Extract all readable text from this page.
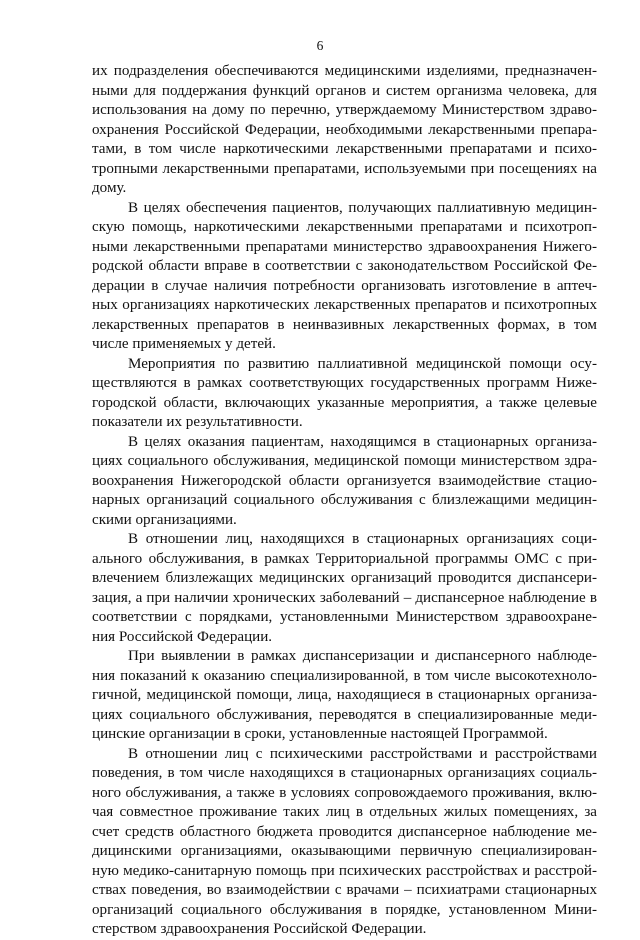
6
их подразделения обеспечиваются медицинскими изделиями, предназначен-
ными для поддержания функций органов и систем организма человека, для
использования на дому по перечню, утверждаемому Министерством здраво-
охранения Российской Федерации, необходимыми лекарственными препара-
тами, в том числе наркотическими лекарственными препаратами и психо-
тропными лекарственными препаратами, используемыми при посещениях на
дому.
В целях обеспечения пациентов, получающих паллиативную медицин-
скую помощь, наркотическими лекарственными препаратами и психотроп-
ными лекарственными препаратами министерство здравоохранения Нижего-
родской области вправе в соответствии с законодательством Российской Фе-
дерации в случае наличия потребности организовать изготовление в аптеч-
ных организациях наркотических лекарственных препаратов и психотропных
лекарственных препаратов в неинвазивных лекарственных формах, в том
числе применяемых у детей.
Мероприятия по развитию паллиативной медицинской помощи осу-
ществляются в рамках соответствующих государственных программ Ниже-
городской области, включающих указанные мероприятия, а также целевые
показатели их результативности.
В целях оказания пациентам, находящимся в стационарных организа-
циях социального обслуживания, медицинской помощи министерством здра-
воохранения Нижегородской области организуется взаимодействие стацио-
нарных организаций социального обслуживания с близлежащими медицин-
скими организациями.
В отношении лиц, находящихся в стационарных организациях соци-
ального обслуживания, в рамках Территориальной программы ОМС с при-
влечением близлежащих медицинских организаций проводится диспансери-
зация, а при наличии хронических заболеваний – диспансерное наблюдение в
соответствии с порядками, установленными Министерством здравоохране-
ния Российской Федерации.
При выявлении в рамках диспансеризации и диспансерного наблюде-
ния показаний к оказанию специализированной, в том числе высокотехноло-
гичной, медицинской помощи, лица, находящиеся в стационарных организа-
циях социального обслуживания, переводятся в специализированные меди-
цинские организации в сроки, установленные настоящей Программой.
В отношении лиц с психическими расстройствами и расстройствами
поведения, в том числе находящихся в стационарных организациях социаль-
ного обслуживания, а также в условиях сопровождаемого проживания, вклю-
чая совместное проживание таких лиц в отдельных жилых помещениях, за
счет средств областного бюджета проводится диспансерное наблюдение ме-
дицинскими организациями, оказывающими первичную специализирован-
ную медико-санитарную помощь при психических расстройствах и расстрой-
ствах поведения, во взаимодействии с врачами – психиатрами стационарных
организаций социального обслуживания в порядке, установленном Мини-
стерством здравоохранения Российской Федерации.
